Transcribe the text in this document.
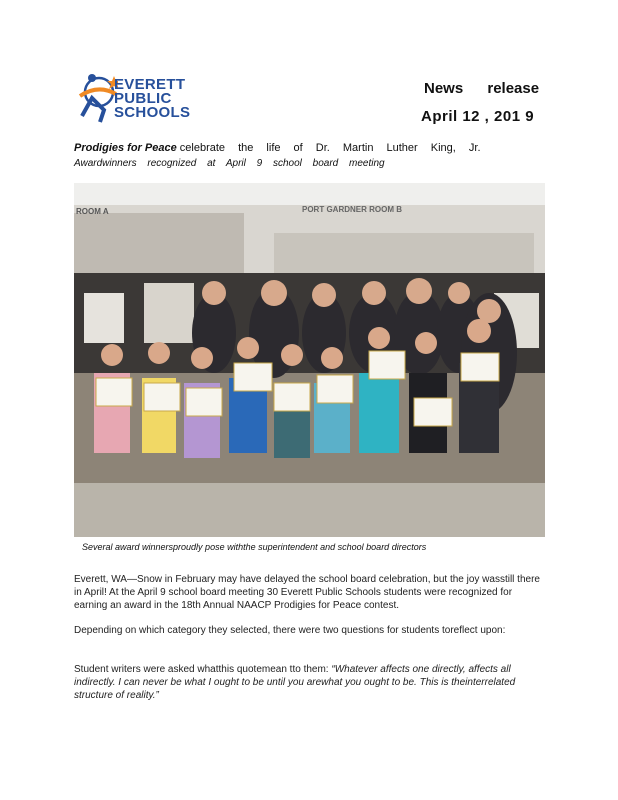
EVERETT
PUBLIC
SCHOOLS
News release
April 12 , 201 9
Prodigies for Peace celebrate the life of Dr. Martin Luther King, Jr.
Awardwinners recognized at April 9 school board meeting
ROOM A	PORT GARDNER ROOM B
Several award winnersproudly pose withthe superintendent and school board directors
Everett, WA—Snow in February may have delayed the school board celebration, but the joy wasstill there in April! At the April 9 school board meeting 30 Everett Public Schools students were recognized for earning an award in the 18th Annual NAACP Prodigies for Peace contest.
Depending on which category they selected, there were two questions for students toreflect upon:
Student writers were asked whatthis quotemean tto them: “Whatever affects one directly, affects all indirectly. I can never be what I ought to be until you arewhat you ought to be. This is theinterrelated structure of reality.”
